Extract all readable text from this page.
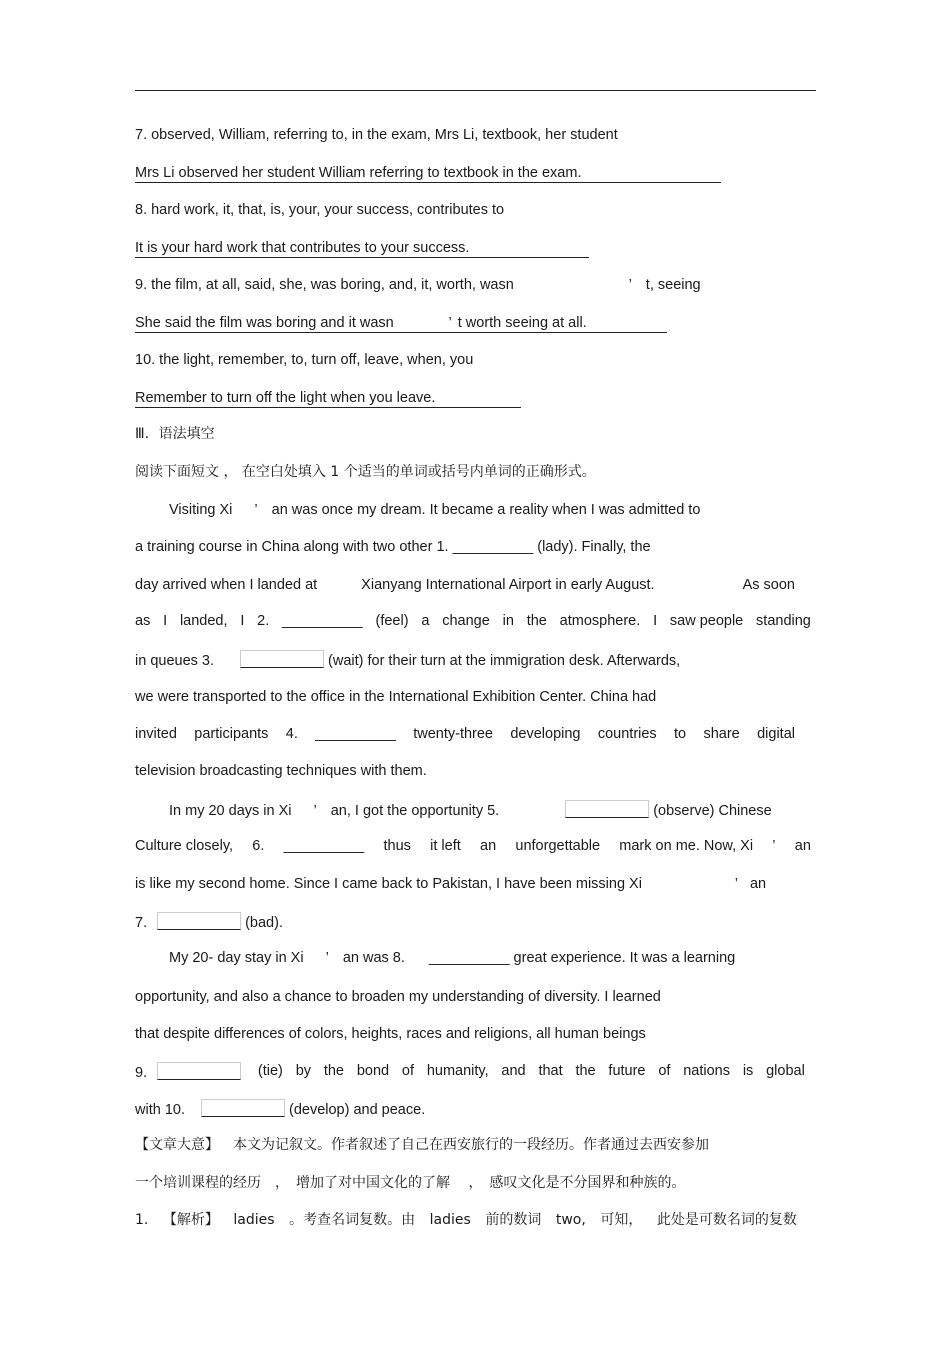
7. observed, William, referring to, in the exam, Mrs Li, textbook, her student
Mrs Li observed her student William referring to textbook in the exam.
8. hard work, it, that, is, your, your success, contributes to
It is your hard work that contributes to your success.
9. the film, at all, said, she, was boring, and, it, worth, wasn	’ t, seeing
She said the film was boring and it wasn	’ t worth seeing at all.
10. the light, remember, to, turn off, leave, when, you
Remember to turn off the light when you leave.
Ⅲ．语法填空
阅读下面短文 ， 在空白处填入 1 个适当的单词或括号内单词的正确形式。
Visiting Xi ’ an was once my dream. It became a reality when I was admitted to
a training course in China along with two other 1. __________ (lady). Finally, the
day arrived when I landed at	Xianyang International Airport in early August.	As soon
as I landed, I 2. __________ (feel) a change in the atmosphere. I saw people standing
in queues 3.	(wait) for their turn at the immigration desk. Afterwards,
we were transported to the office in the International Exhibition Center. China had
invited participants 4. __________ twenty-three developing countries to share digital
television broadcasting techniques with them.
In my 20 days in Xi ’ an, I got the opportunity 5.	(observe) Chinese
Culture closely, 6. __________ thus it left an unforgettable mark on me. Now, Xi ’ an
is like my second home. Since I came back to Pakistan, I have been missing Xi	’ an
7.	(bad).
My 20- day stay in Xi ’ an was 8. __________ great experience. It was a learning
opportunity, and also a chance to broaden my understanding of diversity. I learned
that despite differences of colors, heights, races and religions, all human beings
9.	(tie) by the bond of humanity, and that the future of nations is global
with 10.	(develop) and peace.
【文章大意】 本文为记叙文。作者叙述了自己在西安旅行的一段经历。作者通过去西安参加
一个培训课程的经历　，　增加了对中国文化的了解　 ，　感叹文化是不分国界和种族的。
1. 【解析】 ladies 。考查名词复数。由 ladies 前的数词 two, 可知， 此处是可数名词的复数
